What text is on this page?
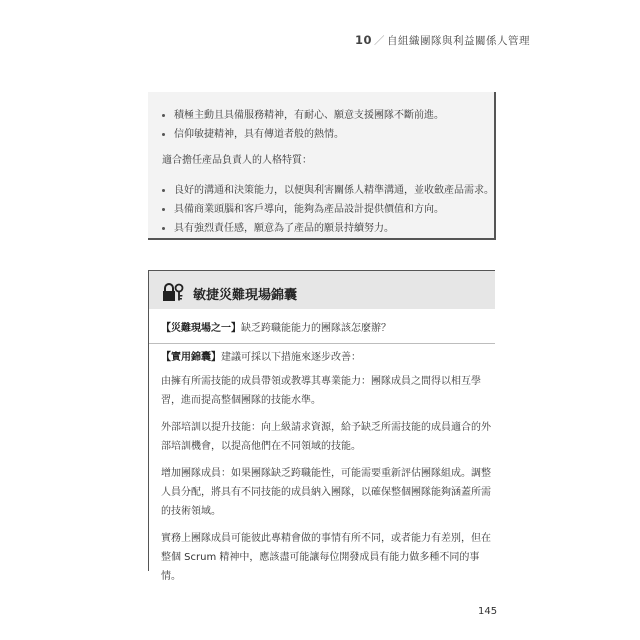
10 ／ 自組織團隊與利益關係人管理
積極主動且具備服務精神，有耐心、願意支援團隊不斷前進。
信仰敏捷精神，具有傳道者般的熱情。
適合擔任產品負責人的人格特質：
良好的溝通和決策能力，以便與利害關係人精準溝通，並收斂產品需求。
具備商業頭腦和客戶導向，能夠為產品設計提供價值和方向。
具有強烈責任感，願意為了產品的願景持續努力。
敏捷災難現場錦囊
【災難現場之一】缺乏跨職能能力的團隊該怎麼辦？
【實用錦囊】建議可採以下措施來逐步改善：
由擁有所需技能的成員帶領或教導其專業能力：團隊成員之間得以相互學習，進而提高整個團隊的技能水準。
外部培訓以提升技能：向上級請求資源，給予缺乏所需技能的成員適合的外部培訓機會，以提高他們在不同領域的技能。
增加團隊成員：如果團隊缺乏跨職能性，可能需要重新評估團隊組成。調整人員分配，將具有不同技能的成員納入團隊，以確保整個團隊能夠涵蓋所需的技術領域。
實務上團隊成員可能彼此專精會做的事情有所不同，或者能力有差別，但在整個 Scrum 精神中，應該盡可能讓每位開發成員有能力做多種不同的事情。
145
